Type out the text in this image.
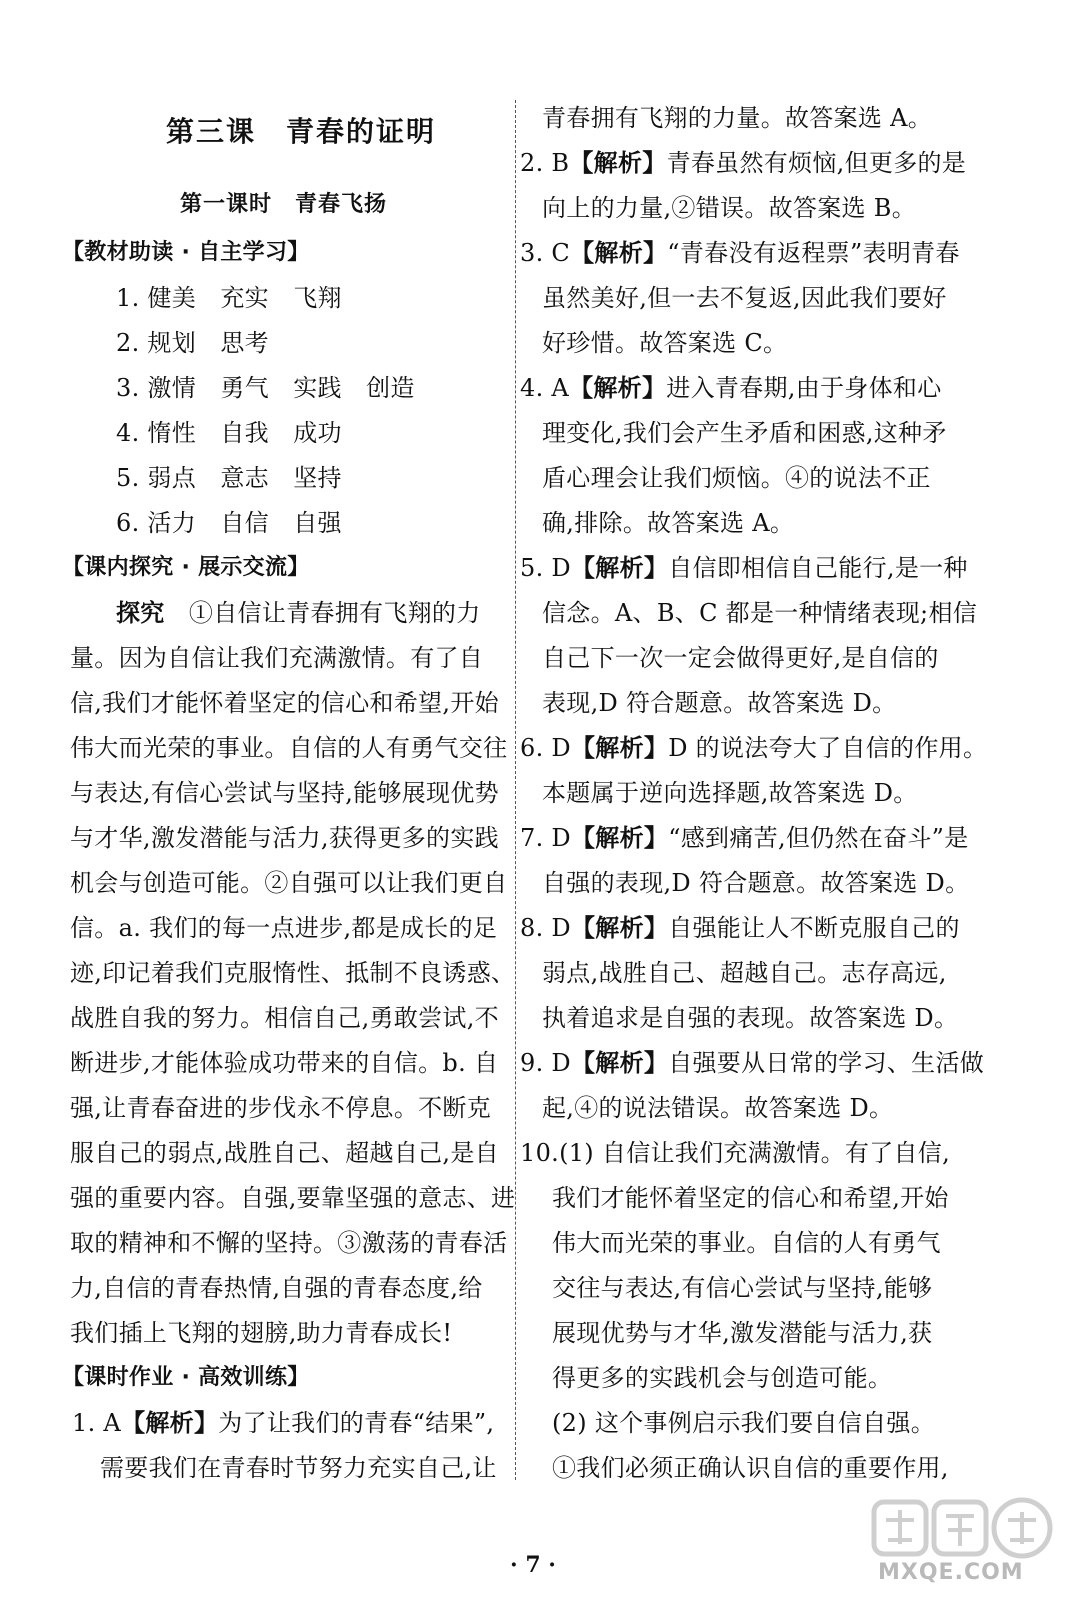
第三课　青春的证明
第一课时　青春飞扬
【教材助读 · 自主学习】
1. 健美　充实　飞翔
2. 规划　思考
3. 激情　勇气　实践　创造
4. 惰性　自我　成功
5. 弱点　意志　坚持
6. 活力　自信　自强
【课内探究 · 展示交流】
探究　 ①自信让青春拥有飞翔的力
量。因为自信让我们充满激情。有了自
信,我们才能怀着坚定的信心和希望,开始
伟大而光荣的事业。自信的人有勇气交往
与表达,有信心尝试与坚持,能够展现优势
与才华,激发潜能与活力,获得更多的实践
机会与创造可能。②自强可以让我们更自
信。a. 我们的每一点进步,都是成长的足
迹,印记着我们克服惰性、抵制不良诱惑、
战胜自我的努力。相信自己,勇敢尝试,不
断进步,才能体验成功带来的自信。b. 自
强,让青春奋进的步伐永不停息。不断克
服自己的弱点,战胜自己、超越自己,是自
强的重要内容。自强,要靠坚强的意志、进
取的精神和不懈的坚持。③激荡的青春活
力,自信的青春热情,自强的青春态度,给
我们插上飞翔的翅膀,助力青春成长!
【课时作业 · 高效训练】
1. A【解析】为了让我们的青春“结果”,
需要我们在青春时节努力充实自己,让
青春拥有飞翔的力量。故答案选 A。
2. B【解析】青春虽然有烦恼,但更多的是
向上的力量,②错误。故答案选 B。
3. C【解析】“青春没有返程票”表明青春
虽然美好,但一去不复返,因此我们要好
好珍惜。故答案选 C。
4. A【解析】进入青春期,由于身体和心
理变化,我们会产生矛盾和困惑,这种矛
盾心理会让我们烦恼。④的说法不正
确,排除。故答案选 A。
5. D【解析】自信即相信自己能行,是一种
信念。A、B、C 都是一种情绪表现;相信
自己下一次一定会做得更好,是自信的
表现,D 符合题意。故答案选 D。
6. D【解析】D 的说法夸大了自信的作用。
本题属于逆向选择题,故答案选 D。
7. D【解析】“感到痛苦,但仍然在奋斗”是
自强的表现,D 符合题意。故答案选 D。
8. D【解析】自强能让人不断克服自己的
弱点,战胜自己、超越自己。志存高远,
执着追求是自强的表现。故答案选 D。
9. D【解析】自强要从日常的学习、生活做
起,④的说法错误。故答案选 D。
10.(1) 自信让我们充满激情。有了自信,
我们才能怀着坚定的信心和希望,开始
伟大而光荣的事业。自信的人有勇气
交往与表达,有信心尝试与坚持,能够
展现优势与才华,激发潜能与活力,获
得更多的实践机会与创造可能。
(2) 这个事例启示我们要自信自强。
①我们必须正确认识自信的重要作用,
· 7 ·	MXQE.COM
